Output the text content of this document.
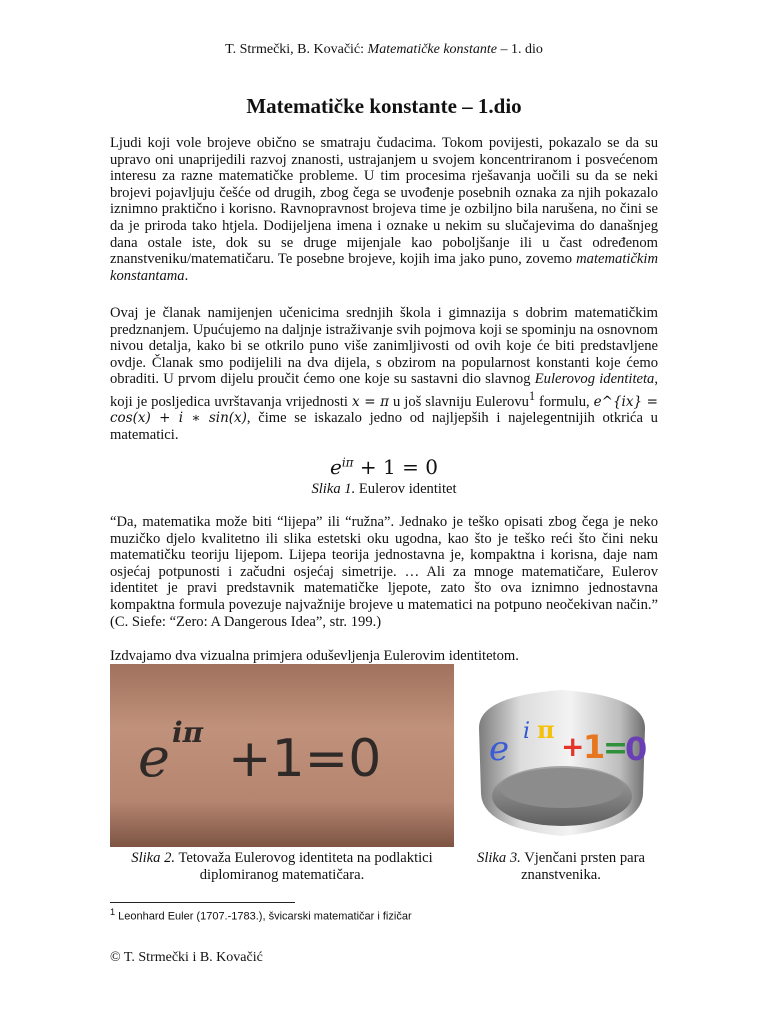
T. Strmečki, B. Kovačić: Matematičke konstante – 1. dio
Matematičke konstante – 1.dio
Ljudi koji vole brojeve obično se smatraju čudacima. Tokom povijesti, pokazalo se da su upravo oni unaprijedili razvoj znanosti, ustrajanjem u svojem koncentriranom i posvećenom interesu za razne matematičke probleme. U tim procesima rješavanja uočili su da se neki brojevi pojavljuju češće od drugih, zbog čega se uvođenje posebnih oznaka za njih pokazalo iznimno praktično i korisno. Ravnopravnost brojeva time je ozbiljno bila narušena, no čini se da je priroda tako htjela. Dodijeljena imena i oznake u nekim su slučajevima do današnjeg dana ostale iste, dok su se druge mijenjale kao poboljšanje ili u čast određenom znanstveniku/matematičaru. Te posebne brojeve, kojih ima jako puno, zovemo matematičkim konstantama.
Ovaj je članak namijenjen učenicima srednjih škola i gimnazija s dobrim matematičkim predznanjem. Upućujemo na daljnje istraživanje svih pojmova koji se spominju na osnovnom nivou detalja, kako bi se otkrilo puno više zanimljivosti od ovih koje će biti predstavljene ovdje. Članak smo podijelili na dva dijela, s obzirom na popularnost konstanti koje ćemo obraditi. U prvom dijelu proučit ćemo one koje su sastavni dio slavnog Eulerovog identiteta, koji je posljedica uvrštavanja vrijednosti x = π u još slavniju Eulerovu$^1$ formulu, e^{ix} = cos(x) + i ∗ sin(x), čime se iskazalo jedno od najljepših i najelegentnijih otkrića u matematici.
$e^{i\pi} + 1 = 0$
Slika 1. Eulerov identitet
“Da, matematika može biti “lijepa” ili “ružna”. Jednako je teško opisati zbog čega je neko muzičko djelo kvalitetno ili slika estetski oku ugodna, kao što je teško reći što čini neku matematičku teoriju lijepom. Lijepa teorija jednostavna je, kompaktna i korisna, daje nam osjećaj potpunosti i začudni osjećaj simetrije. … Ali za mnoge matematičare, Eulerov identitet je pravi predstavnik matematičke ljepote, zato što ova iznimno jednostavna kompaktna formula povezuje najvažnije brojeve u matematici na potpuno neočekivan način.” (C. Siefe: “Zero: A Dangerous Idea”, str. 199.)
Izdvajamo dva vizualna primjera oduševljenja Eulerovim identitetom.
e iπ +1=0	e i π
+
1
=
0
Slika 2. Tetovaža Eulerovog identiteta na podlaktici diplomiranog matematičara.
Slika 3. Vjenčani prsten para znanstvenika.
$^1$ Leonhard Euler (1707.-1783.), švicarski matematičar i fizičar
© T. Strmečki i B. Kovačić
